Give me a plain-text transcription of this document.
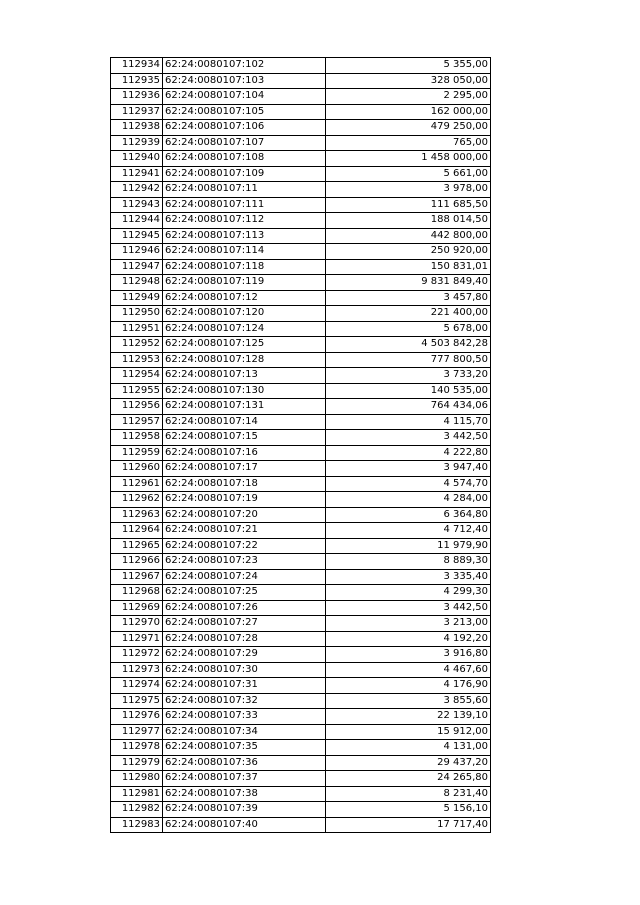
112934	62:24:0080107:102	5 355,00
112935	62:24:0080107:103	328 050,00
112936	62:24:0080107:104	2 295,00
112937	62:24:0080107:105	162 000,00
112938	62:24:0080107:106	479 250,00
112939	62:24:0080107:107	765,00
112940	62:24:0080107:108	1 458 000,00
112941	62:24:0080107:109	5 661,00
112942	62:24:0080107:11	3 978,00
112943	62:24:0080107:111	111 685,50
112944	62:24:0080107:112	188 014,50
112945	62:24:0080107:113	442 800,00
112946	62:24:0080107:114	250 920,00
112947	62:24:0080107:118	150 831,01
112948	62:24:0080107:119	9 831 849,40
112949	62:24:0080107:12	3 457,80
112950	62:24:0080107:120	221 400,00
112951	62:24:0080107:124	5 678,00
112952	62:24:0080107:125	4 503 842,28
112953	62:24:0080107:128	777 800,50
112954	62:24:0080107:13	3 733,20
112955	62:24:0080107:130	140 535,00
112956	62:24:0080107:131	764 434,06
112957	62:24:0080107:14	4 115,70
112958	62:24:0080107:15	3 442,50
112959	62:24:0080107:16	4 222,80
112960	62:24:0080107:17	3 947,40
112961	62:24:0080107:18	4 574,70
112962	62:24:0080107:19	4 284,00
112963	62:24:0080107:20	6 364,80
112964	62:24:0080107:21	4 712,40
112965	62:24:0080107:22	11 979,90
112966	62:24:0080107:23	8 889,30
112967	62:24:0080107:24	3 335,40
112968	62:24:0080107:25	4 299,30
112969	62:24:0080107:26	3 442,50
112970	62:24:0080107:27	3 213,00
112971	62:24:0080107:28	4 192,20
112972	62:24:0080107:29	3 916,80
112973	62:24:0080107:30	4 467,60
112974	62:24:0080107:31	4 176,90
112975	62:24:0080107:32	3 855,60
112976	62:24:0080107:33	22 139,10
112977	62:24:0080107:34	15 912,00
112978	62:24:0080107:35	4 131,00
112979	62:24:0080107:36	29 437,20
112980	62:24:0080107:37	24 265,80
112981	62:24:0080107:38	8 231,40
112982	62:24:0080107:39	5 156,10
112983	62:24:0080107:40	17 717,40
